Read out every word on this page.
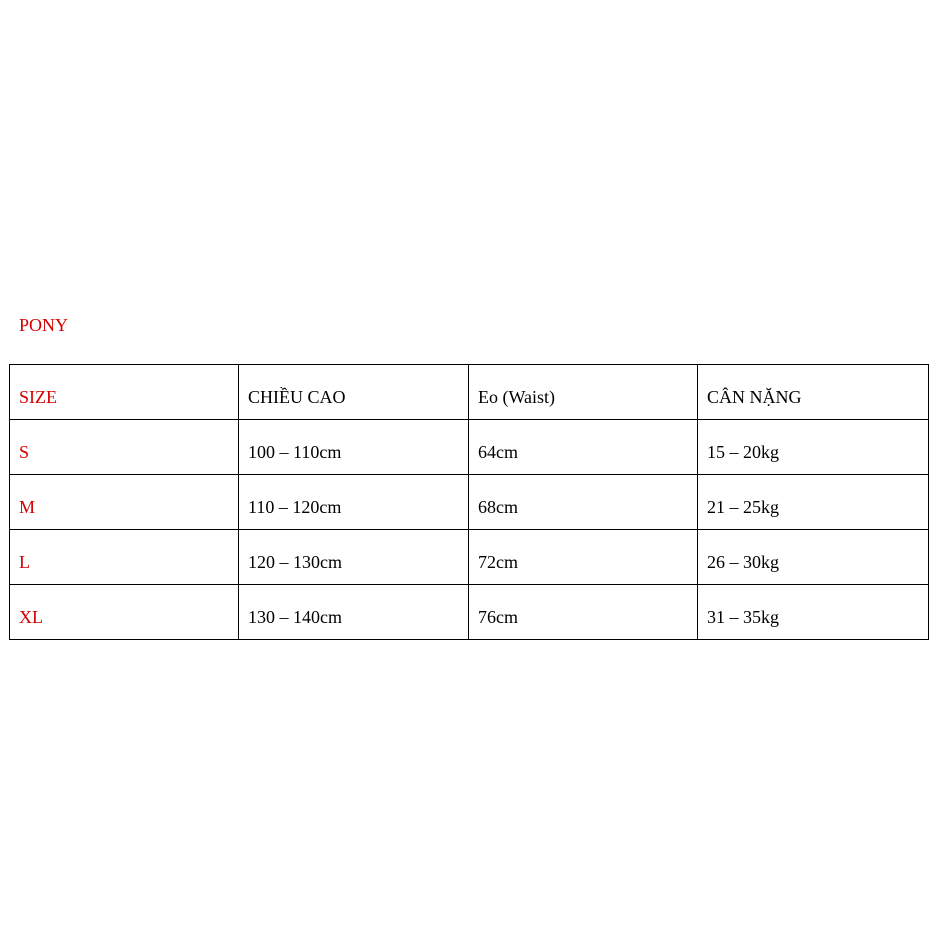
PONY
SIZE	CHIỀU CAO	Eo (Waist)	CÂN NẶNG

S	100 – 110cm	64cm	15 – 20kg

M	110 – 120cm	68cm	21 – 25kg

L	120 – 130cm	72cm	26 – 30kg

XL	130 – 140cm	76cm	31 – 35kg
